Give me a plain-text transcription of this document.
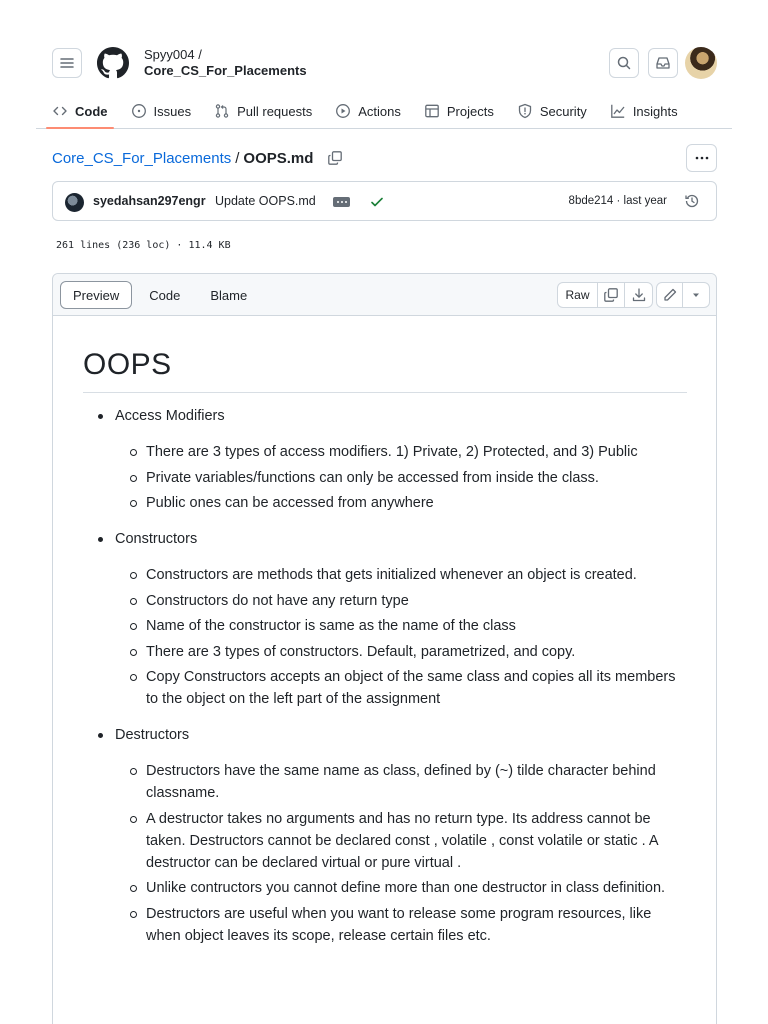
Spyy004 /
Core_CS_For_Placements
Code	Issues	Pull requests	Actions	Projects	Security	Insights
Core_CS_For_Placements / OOPS.md
syedahsan297engr Update OOPS.md	8bde214 · last year
261 lines (236 loc) · 11.4 KB
Preview	Code	Blame	Raw
OOPS
Access Modifiers
There are 3 types of access modifiers. 1) Private, 2) Protected, and 3) Public
Private variables/functions can only be accessed from inside the class.
Public ones can be accessed from anywhere
Constructors
Constructors are methods that gets initialized whenever an object is created.
Constructors do not have any return type
Name of the constructor is same as the name of the class
There are 3 types of constructors. Default, parametrized, and copy.
Copy Constructors accepts an object of the same class and copies all its members to the object on the left part of the assignment
Destructors
Destructors have the same name as class, defined by (~) tilde character behind classname.
A destructor takes no arguments and has no return type. Its address cannot be taken. Destructors cannot be declared const , volatile , const volatile or static . A destructor can be declared virtual or pure virtual .
Unlike contructors you cannot define more than one destructor in class definition.
Destructors are useful when you want to release some program resources, like when object leaves its scope, release certain files etc.
